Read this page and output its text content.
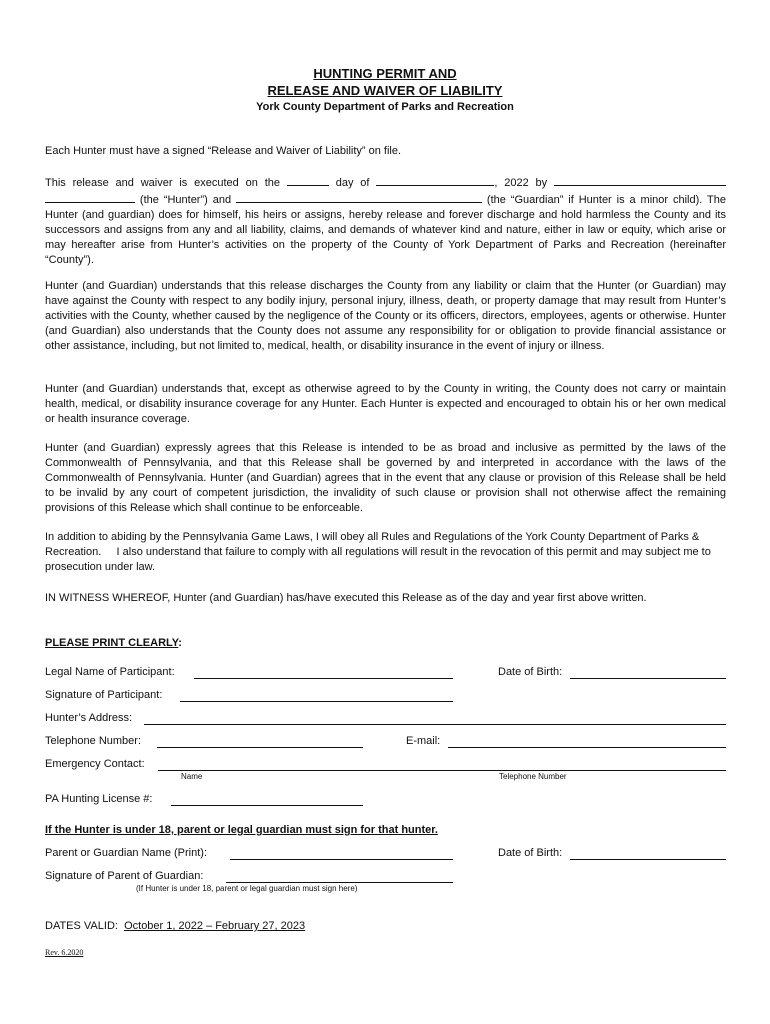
HUNTING PERMIT AND
RELEASE AND WAIVER OF LIABILITY
York County Department of Parks and Recreation

Each Hunter must have a signed “Release and Waiver of Liability” on file.

This release and waiver is executed on the	day of	, 2022 by   (the “Hunter”) and	(the “Guardian” if Hunter is a minor child). The Hunter (and guardian) does for himself, his heirs or assigns, hereby release and forever discharge and hold harmless the County and its successors and assigns from any and all liability, claims, and demands of whatever kind and nature, either in law or equity, which arise or may hereafter arise from Hunter’s activities on the property of the County of York Department of Parks and Recreation (hereinafter “County”).

Hunter (and Guardian) understands that this release discharges the County from any liability or claim that the Hunter (or Guardian) may have against the County with respect to any bodily injury, personal injury, illness, death, or property damage that may result from Hunter’s activities with the County, whether caused by the negligence of the County or its officers, directors, employees, agents or otherwise. Hunter (and Guardian) also understands that the County does not assume any responsibility for or obligation to provide financial assistance or other assistance, including, but not limited to, medical, health, or disability insurance in the event of injury or illness.

Hunter (and Guardian) understands that, except as otherwise agreed to by the County in writing, the County does not carry or maintain health, medical, or disability insurance coverage for any Hunter. Each Hunter is expected and encouraged to obtain his or her own medical or health insurance coverage.

Hunter (and Guardian) expressly agrees that this Release is intended to be as broad and inclusive as permitted by the laws of the Commonwealth of Pennsylvania, and that this Release shall be governed by and interpreted in accordance with the laws of the Commonwealth of Pennsylvania. Hunter (and Guardian) agrees that in the event that any clause or provision of this Release shall be held to be invalid by any court of competent jurisdiction, the invalidity of such clause or provision shall not otherwise affect the remaining provisions of this Release which shall continue to be enforceable.

In addition to abiding by the Pennsylvania Game Laws, I will obey all Rules and Regulations of the York County Department of Parks & Recreation. I also understand that failure to comply with all regulations will result in the revocation of this permit and may subject me to prosecution under law.

IN WITNESS WHEREOF, Hunter (and Guardian) has/have executed this Release as of the day and year first above written.

PLEASE PRINT CLEARLY:
Legal Name of Participant:	Date of Birth:
Signature of Participant:
Hunter’s Address:
Telephone Number:	E-mail:
Emergency Contact:
Name	Telephone Number
PA Hunting License #:
If the Hunter is under 18, parent or legal guardian must sign for that hunter.
Parent or Guardian Name (Print):	Date of Birth:
Signature of Parent of Guardian:
(If Hunter is under 18, parent or legal guardian must sign here)
DATES VALID: October 1, 2022 – February 27, 2023
Rev. 6.2020
